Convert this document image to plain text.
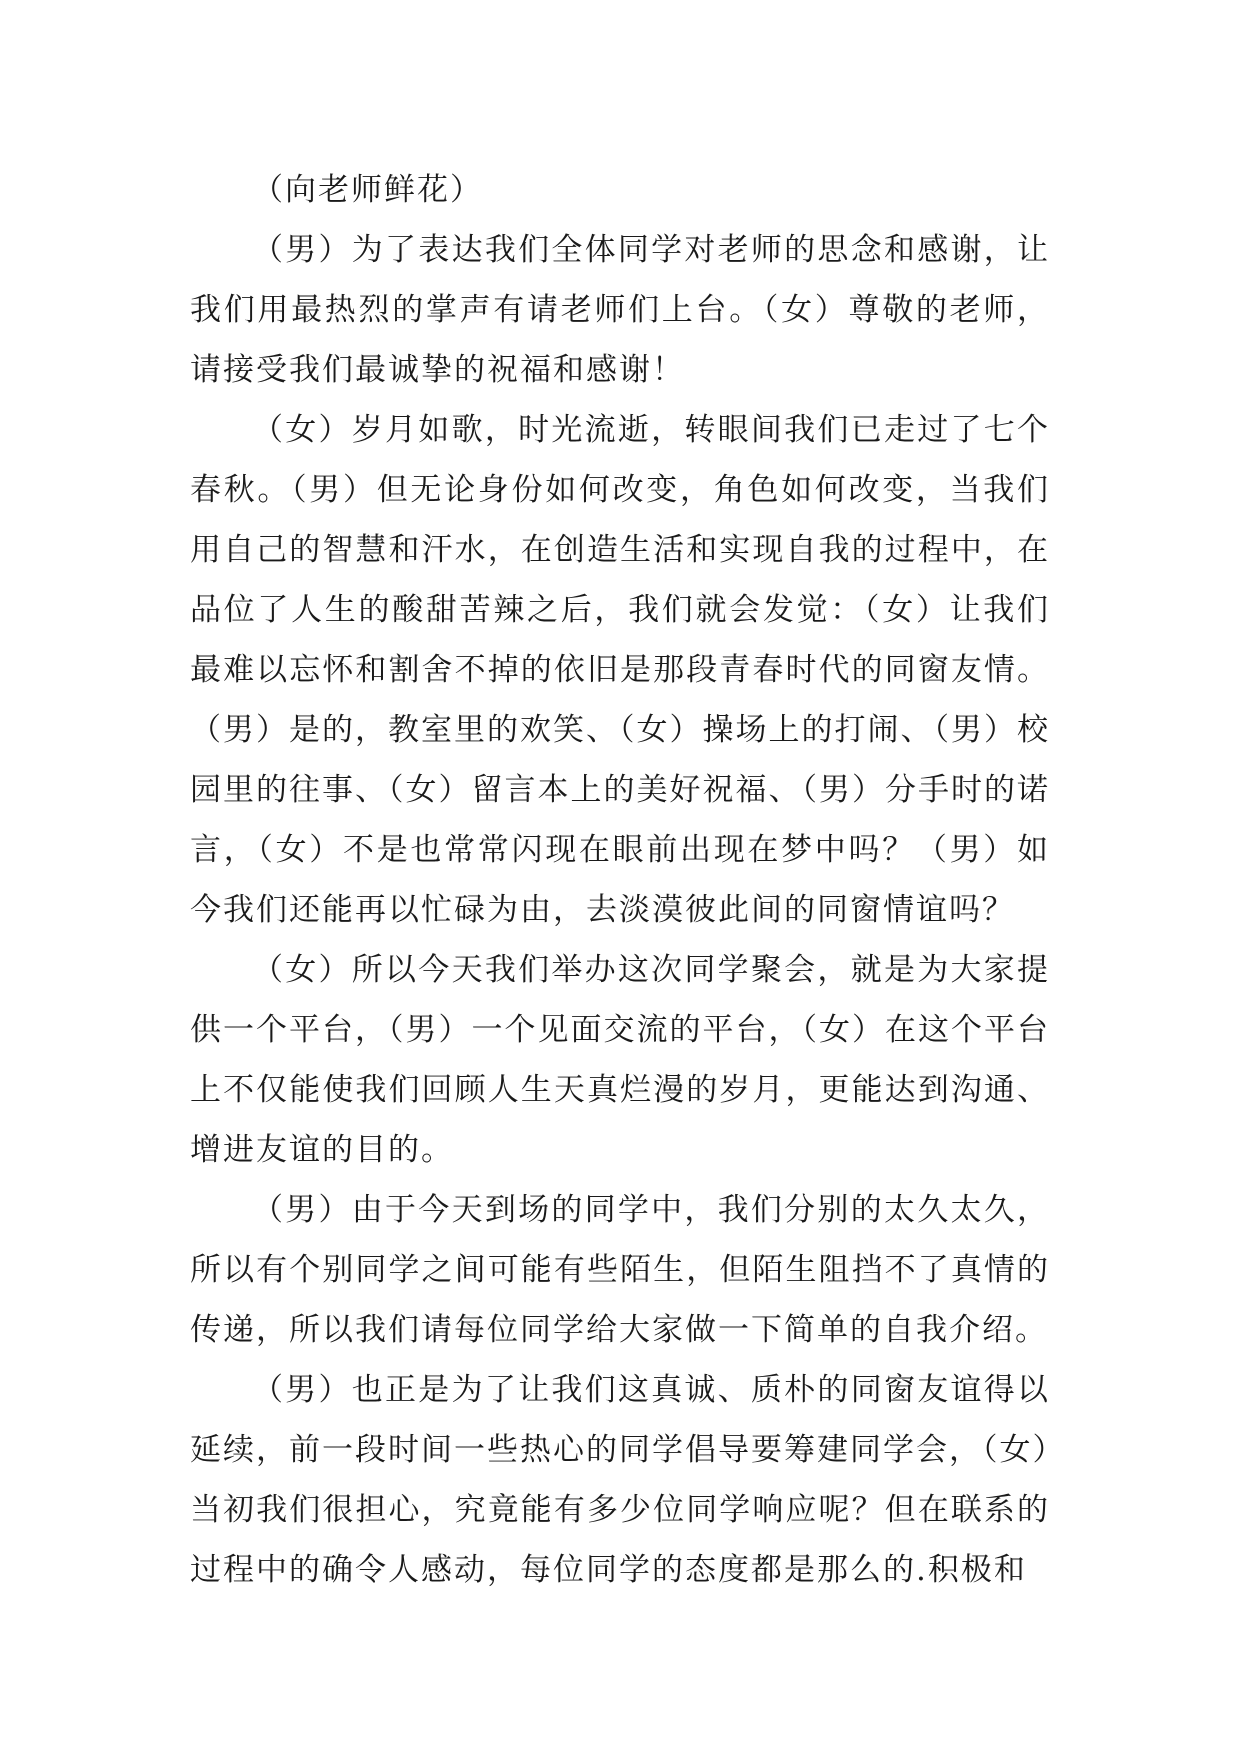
（向老师鲜花）

（男）为了表达我们全体同学对老师的思念和感谢，让我们用最热烈的掌声有请老师们上台。（女）尊敬的老师，请接受我们最诚挚的祝福和感谢！

（女）岁月如歌，时光流逝，转眼间我们已走过了七个春秋。（男）但无论身份如何改变，角色如何改变，当我们用自己的智慧和汗水，在创造生活和实现自我的过程中，在品位了人生的酸甜苦辣之后，我们就会发觉：（女）让我们最难以忘怀和割舍不掉的依旧是那段青春时代的同窗友情。（男）是的，教室里的欢笑、（女）操场上的打闹、（男）校园里的往事、（女）留言本上的美好祝福、（男）分手时的诺言，（女）不是也常常闪现在眼前出现在梦中吗？（男）如今我们还能再以忙碌为由，去淡漠彼此间的同窗情谊吗？

（女）所以今天我们举办这次同学聚会，就是为大家提供一个平台，（男）一个见面交流的平台，（女）在这个平台上不仅能使我们回顾人生天真烂漫的岁月，更能达到沟通、增进友谊的目的。

（男）由于今天到场的同学中，我们分别的太久太久，所以有个别同学之间可能有些陌生，但陌生阻挡不了真情的传递，所以我们请每位同学给大家做一下简单的自我介绍。

（男）也正是为了让我们这真诚、质朴的同窗友谊得以延续，前一段时间一些热心的同学倡导要筹建同学会，（女）当初我们很担心，究竟能有多少位同学响应呢？但在联系的过程中的确令人感动，每位同学的态度都是那么的.积极和
